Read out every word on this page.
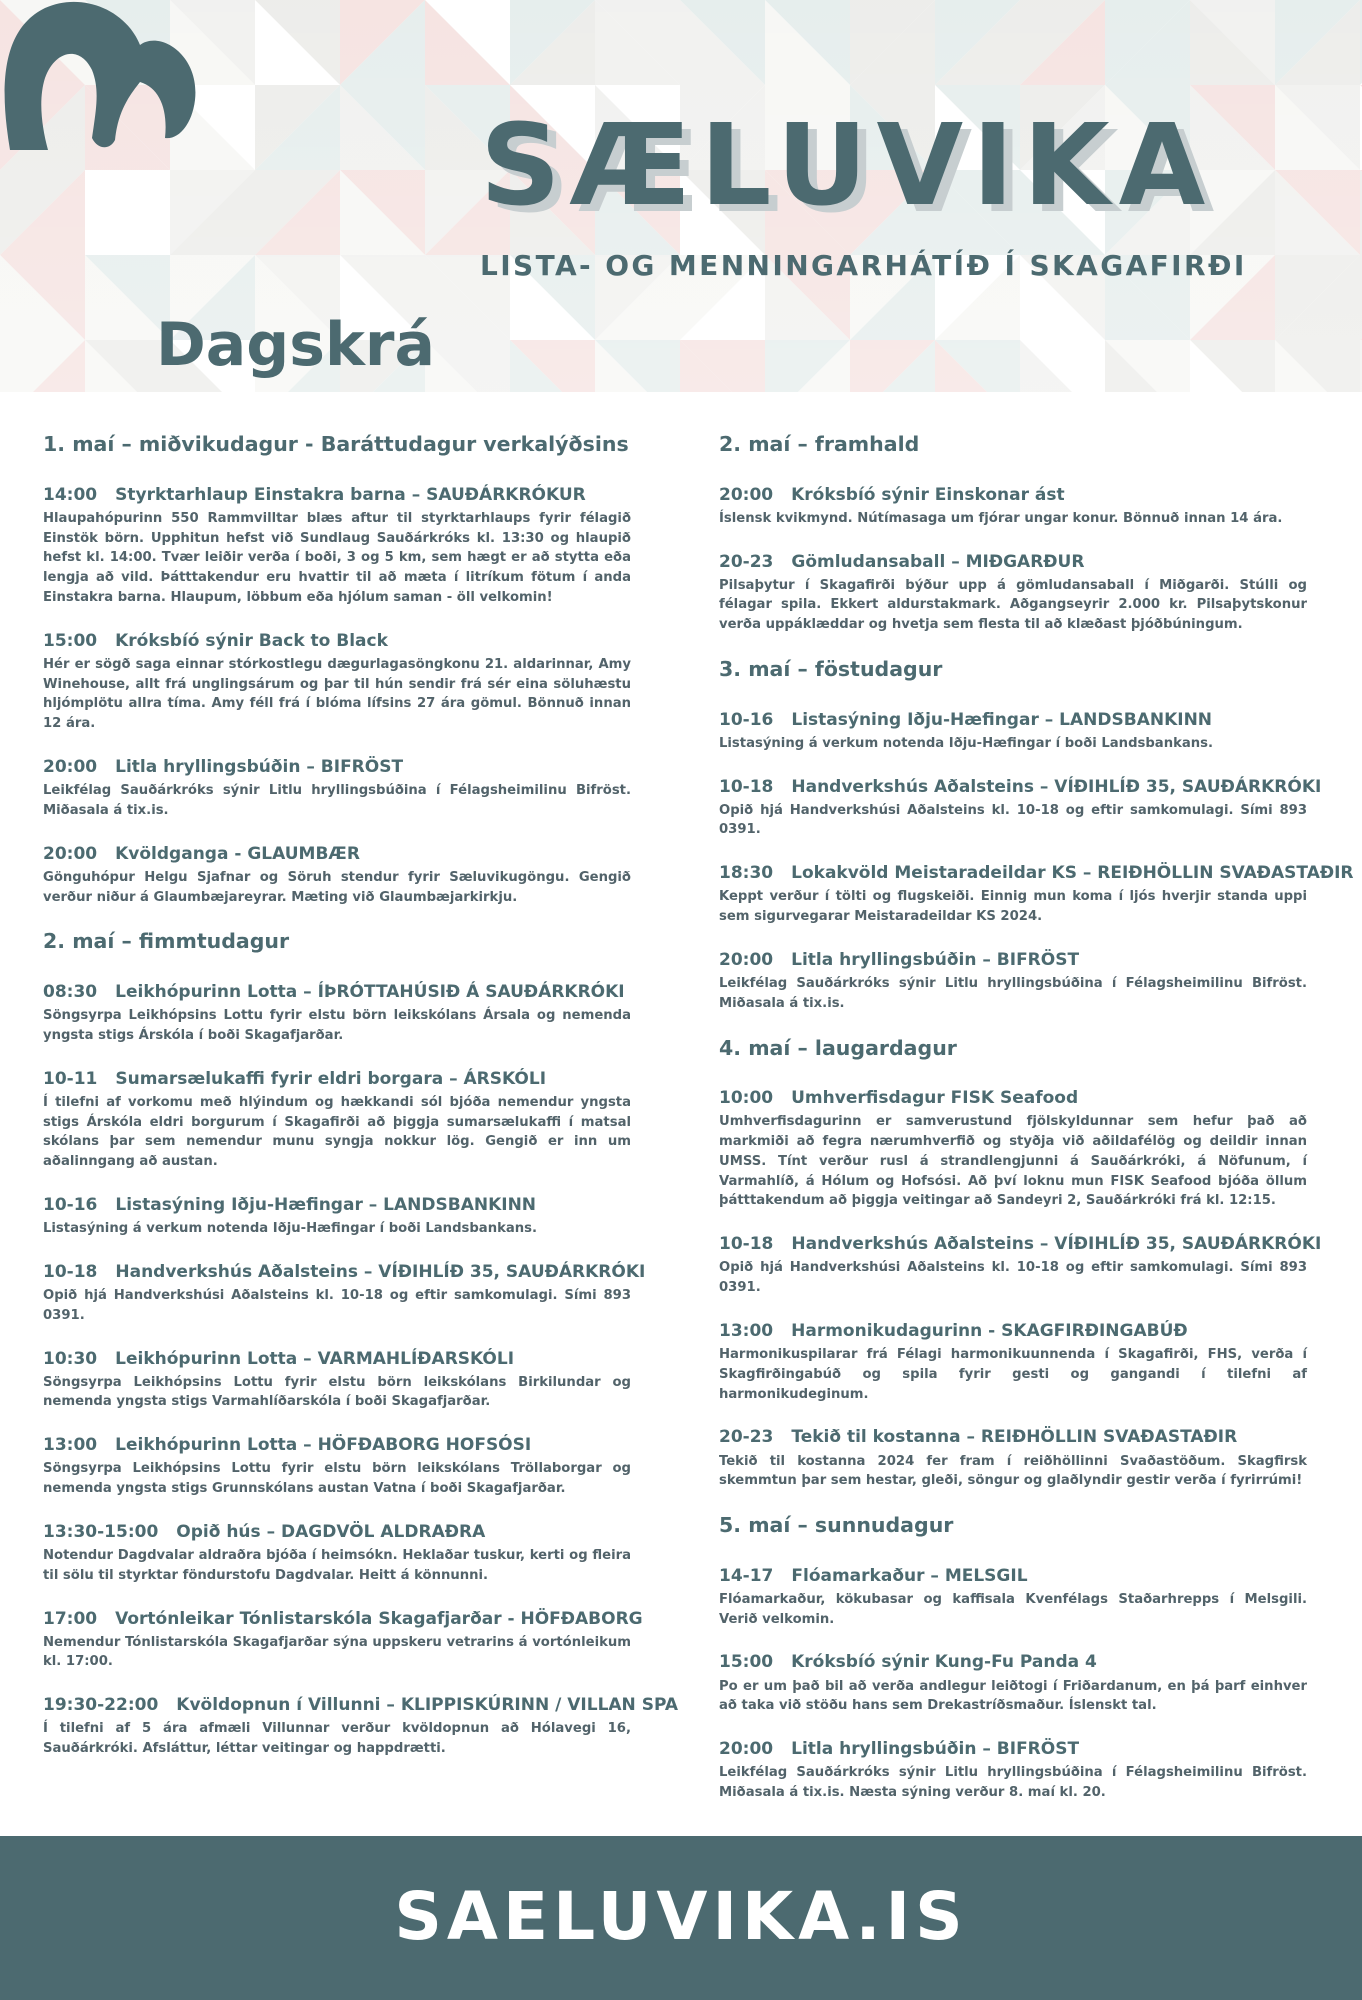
SÆLUVIKA
LISTA- OG MENNINGARHÁTÍÐ Í SKAGAFIRÐI
Dagskrá
1. maí – miðvikudagur - Baráttudagur verkalýðsins
14:00 Styrktarhlaup Einstakra barna – SAUÐÁRKRÓKUR

Hlaupahópurinn 550 Rammvilltar blæs aftur til styrktarhlaups fyrir félagið Einstök börn. Upphitun hefst við Sundlaug Sauðárkróks kl. 13:30 og hlaupið hefst kl. 14:00. Tvær leiðir verða í boði, 3 og 5 km, sem hægt er að stytta eða lengja að vild. Þátttakendur eru hvattir til að mæta í litríkum fötum í anda Einstakra barna. Hlaupum, löbbum eða hjólum saman - öll velkomin!

15:00 Króksbíó sýnir Back to Black

Hér er sögð saga einnar stórkostlegu dægurlagasöngkonu 21. aldarinnar, Amy Winehouse, allt frá unglingsárum og þar til hún sendir frá sér eina söluhæstu hljómplötu allra tíma. Amy féll frá í blóma lífsins 27 ára gömul. Bönnuð innan 12 ára.

20:00 Litla hryllingsbúðin – BIFRÖST

Leikfélag Sauðárkróks sýnir Litlu hryllingsbúðina í Félagsheimilinu Bifröst. Miðasala á tix.is.

20:00 Kvöldganga - GLAUMBÆR

Gönguhópur Helgu Sjafnar og Söruh stendur fyrir Sæluvikugöngu. Gengið verður niður á Glaumbæjareyrar. Mæting við Glaumbæjarkirkju.

2. maí – fimmtudagur
08:30 Leikhópurinn Lotta – ÍÞRÓTTAHÚSIÐ Á SAUÐÁRKRÓKI

Söngsyrpa Leikhópsins Lottu fyrir elstu börn leikskólans Ársala og nemenda yngsta stigs Árskóla í boði Skagafjarðar.

10-11 Sumarsælukaffi fyrir eldri borgara – ÁRSKÓLI

Í tilefni af vorkomu með hlýindum og hækkandi sól bjóða nemendur yngsta stigs Árskóla eldri borgurum í Skagafirði að þiggja sumarsælukaffi í matsal skólans þar sem nemendur munu syngja nokkur lög. Gengið er inn um aðalinngang að austan.

10-16 Listasýning Iðju-Hæfingar – LANDSBANKINN

Listasýning á verkum notenda Iðju-Hæfingar í boði Landsbankans.

10-18 Handverkshús Aðalsteins – VÍÐIHLÍÐ 35, SAUÐÁRKRÓKI

Opið hjá Handverkshúsi Aðalsteins kl. 10-18 og eftir samkomulagi. Sími 893 0391.

10:30 Leikhópurinn Lotta – VARMAHLÍÐARSKÓLI

Söngsyrpa Leikhópsins Lottu fyrir elstu börn leikskólans Birkilundar og nemenda yngsta stigs Varmahlíðarskóla í boði Skagafjarðar.

13:00 Leikhópurinn Lotta – HÖFÐABORG HOFSÓSI

Söngsyrpa Leikhópsins Lottu fyrir elstu börn leikskólans Tröllaborgar og nemenda yngsta stigs Grunnskólans austan Vatna í boði Skagafjarðar.

13:30-15:00 Opið hús – DAGDVÖL ALDRAÐRA

Notendur Dagdvalar aldraðra bjóða í heimsókn. Heklaðar tuskur, kerti og fleira til sölu til styrktar föndurstofu Dagdvalar. Heitt á könnunni.

17:00 Vortónleikar Tónlistarskóla Skagafjarðar - HÖFÐABORG

Nemendur Tónlistarskóla Skagafjarðar sýna uppskeru vetrarins á vortónleikum kl. 17:00.

19:30-22:00 Kvöldopnun í Villunni – KLIPPISKÚRINN / VILLAN SPA

Í tilefni af 5 ára afmæli Villunnar verður kvöldopnun að Hólavegi 16, Sauðárkróki. Afsláttur, léttar veitingar og happdrætti.

2. maí – framhald
20:00 Króksbíó sýnir Einskonar ást

Íslensk kvikmynd. Nútímasaga um fjórar ungar konur. Bönnuð innan 14 ára.

20-23 Gömludansaball – MIÐGARÐUR

Pilsaþytur í Skagafirði býður upp á gömludansaball í Miðgarði. Stúlli og félagar spila. Ekkert aldurstakmark. Aðgangseyrir 2.000 kr. Pilsaþytskonur verða uppáklæddar og hvetja sem flesta til að klæðast þjóðbúningum.

3. maí – föstudagur
10-16 Listasýning Iðju-Hæfingar – LANDSBANKINN

Listasýning á verkum notenda Iðju-Hæfingar í boði Landsbankans.

10-18 Handverkshús Aðalsteins – VÍÐIHLÍÐ 35, SAUÐÁRKRÓKI

Opið hjá Handverkshúsi Aðalsteins kl. 10-18 og eftir samkomulagi. Sími 893 0391.

18:30 Lokakvöld Meistaradeildar KS – REIÐHÖLLIN SVAÐASTAÐIR

Keppt verður í tölti og flugskeiði. Einnig mun koma í ljós hverjir standa uppi sem sigurvegarar Meistaradeildar KS 2024.

20:00 Litla hryllingsbúðin – BIFRÖST

Leikfélag Sauðárkróks sýnir Litlu hryllingsbúðina í Félagsheimilinu Bifröst. Miðasala á tix.is.

4. maí – laugardagur
10:00 Umhverfisdagur FISK Seafood

Umhverfisdagurinn er samverustund fjölskyldunnar sem hefur það að markmiði að fegra nærumhverfið og styðja við aðildafélög og deildir innan UMSS. Tínt verður rusl á strandlengjunni á Sauðárkróki, á Nöfunum, í Varmahlíð, á Hólum og Hofsósi. Að því loknu mun FISK Seafood bjóða öllum þátttakendum að þiggja veitingar að Sandeyri 2, Sauðárkróki frá kl. 12:15.

10-18 Handverkshús Aðalsteins – VÍÐIHLÍÐ 35, SAUÐÁRKRÓKI

Opið hjá Handverkshúsi Aðalsteins kl. 10-18 og eftir samkomulagi. Sími 893 0391.

13:00 Harmonikudagurinn - SKAGFIRÐINGABÚÐ

Harmonikuspilarar frá Félagi harmonikuunnenda í Skagafirði, FHS, verða í Skagfirðingabúð og spila fyrir gesti og gangandi í tilefni af harmonikudeginum.

20-23 Tekið til kostanna – REIÐHÖLLIN SVAÐASTAÐIR

Tekið til kostanna 2024 fer fram í reiðhöllinni Svaðastöðum. Skagfirsk skemmtun þar sem hestar, gleði, söngur og glaðlyndir gestir verða í fyrirrúmi!

5. maí – sunnudagur
14-17 Flóamarkaður – MELSGIL

Flóamarkaður, kökubasar og kaffisala Kvenfélags Staðarhrepps í Melsgili. Verið velkomin.

15:00 Króksbíó sýnir Kung-Fu Panda 4

Po er um það bil að verða andlegur leiðtogi í Friðardanum, en þá þarf einhver að taka við stöðu hans sem Drekastríðsmaður. Íslenskt tal.

20:00 Litla hryllingsbúðin – BIFRÖST

Leikfélag Sauðárkróks sýnir Litlu hryllingsbúðina í Félagsheimilinu Bifröst. Miðasala á tix.is. Næsta sýning verður 8. maí kl. 20.

SAELUVIKA.IS
